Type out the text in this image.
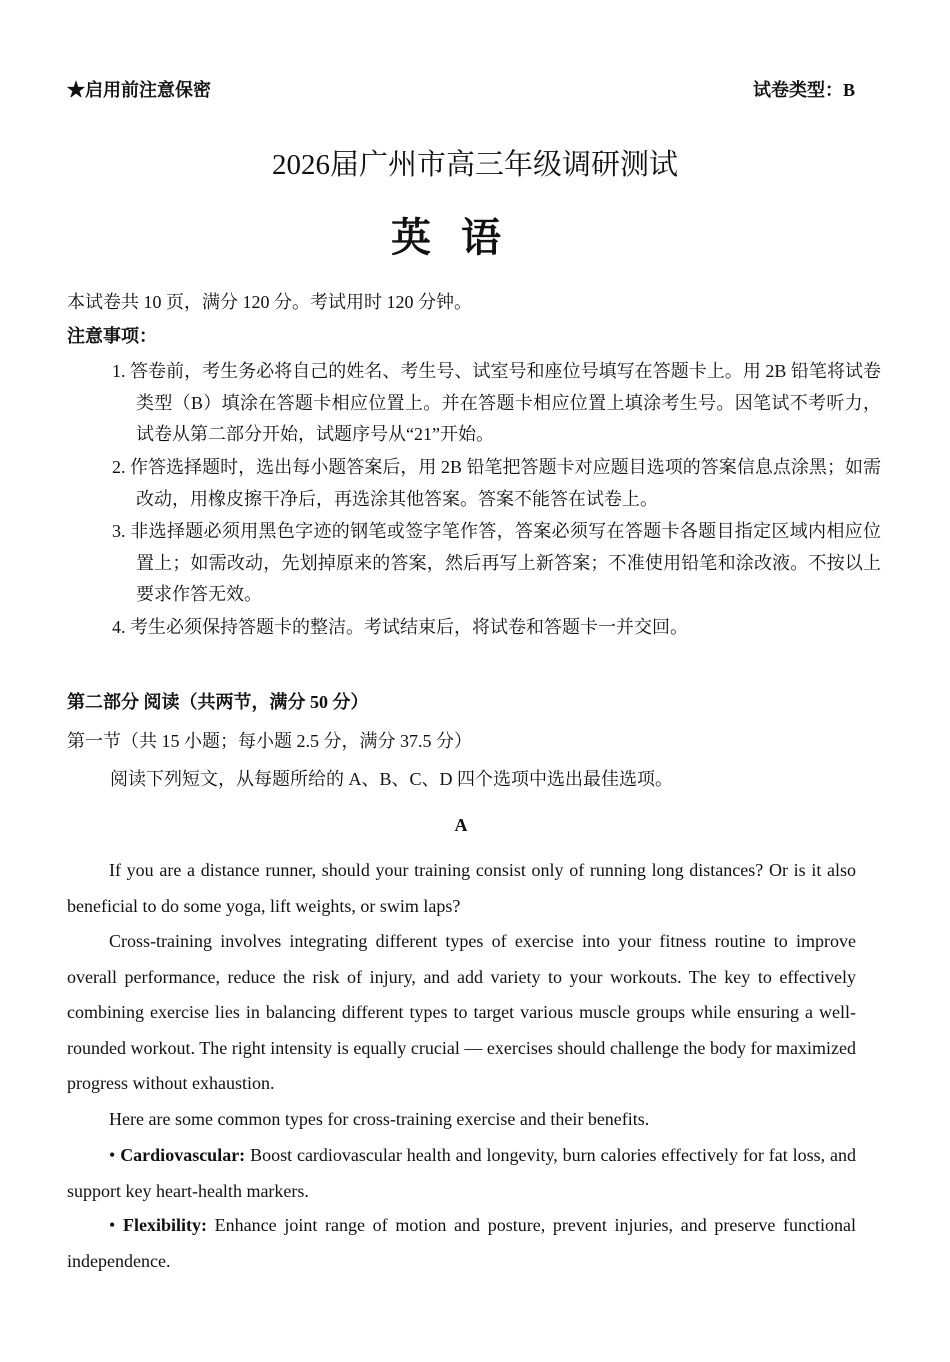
★启用前注意保密	试卷类型：B
2026届广州市高三年级调研测试
英语
本试卷共 10 页，满分 120 分。考试用时 120 分钟。
注意事项：
1. 答卷前，考生务必将自己的姓名、考生号、试室号和座位号填写在答题卡上。用 2B 铅笔将试卷类型（B）填涂在答题卡相应位置上。并在答题卡相应位置上填涂考生号。因笔试不考听力，试卷从第二部分开始，试题序号从“21”开始。
2. 作答选择题时，选出每小题答案后，用 2B 铅笔把答题卡对应题目选项的答案信息点涂黑；如需改动，用橡皮擦干净后，再选涂其他答案。答案不能答在试卷上。
3. 非选择题必须用黑色字迹的钢笔或签字笔作答，答案必须写在答题卡各题目指定区域内相应位置上；如需改动，先划掉原来的答案，然后再写上新答案；不准使用铅笔和涂改液。不按以上要求作答无效。
4. 考生必须保持答题卡的整洁。考试结束后，将试卷和答题卡一并交回。
第二部分 阅读（共两节，满分 50 分）
第一节（共 15 小题；每小题 2.5 分，满分 37.5 分）
阅读下列短文，从每题所给的 A、B、C、D 四个选项中选出最佳选项。
A
If you are a distance runner, should your training consist only of running long distances? Or is it also beneficial to do some yoga, lift weights, or swim laps?
Cross-training involves integrating different types of exercise into your fitness routine to improve overall performance, reduce the risk of injury, and add variety to your workouts. The key to effectively combining exercise lies in balancing different types to target various muscle groups while ensuring a well-rounded workout. The right intensity is equally crucial — exercises should challenge the body for maximized progress without exhaustion.
Here are some common types for cross-training exercise and their benefits.
• Cardiovascular: Boost cardiovascular health and longevity, burn calories effectively for fat loss, and support key heart-health markers.
• Flexibility: Enhance joint range of motion and posture, prevent injuries, and preserve functional independence.
